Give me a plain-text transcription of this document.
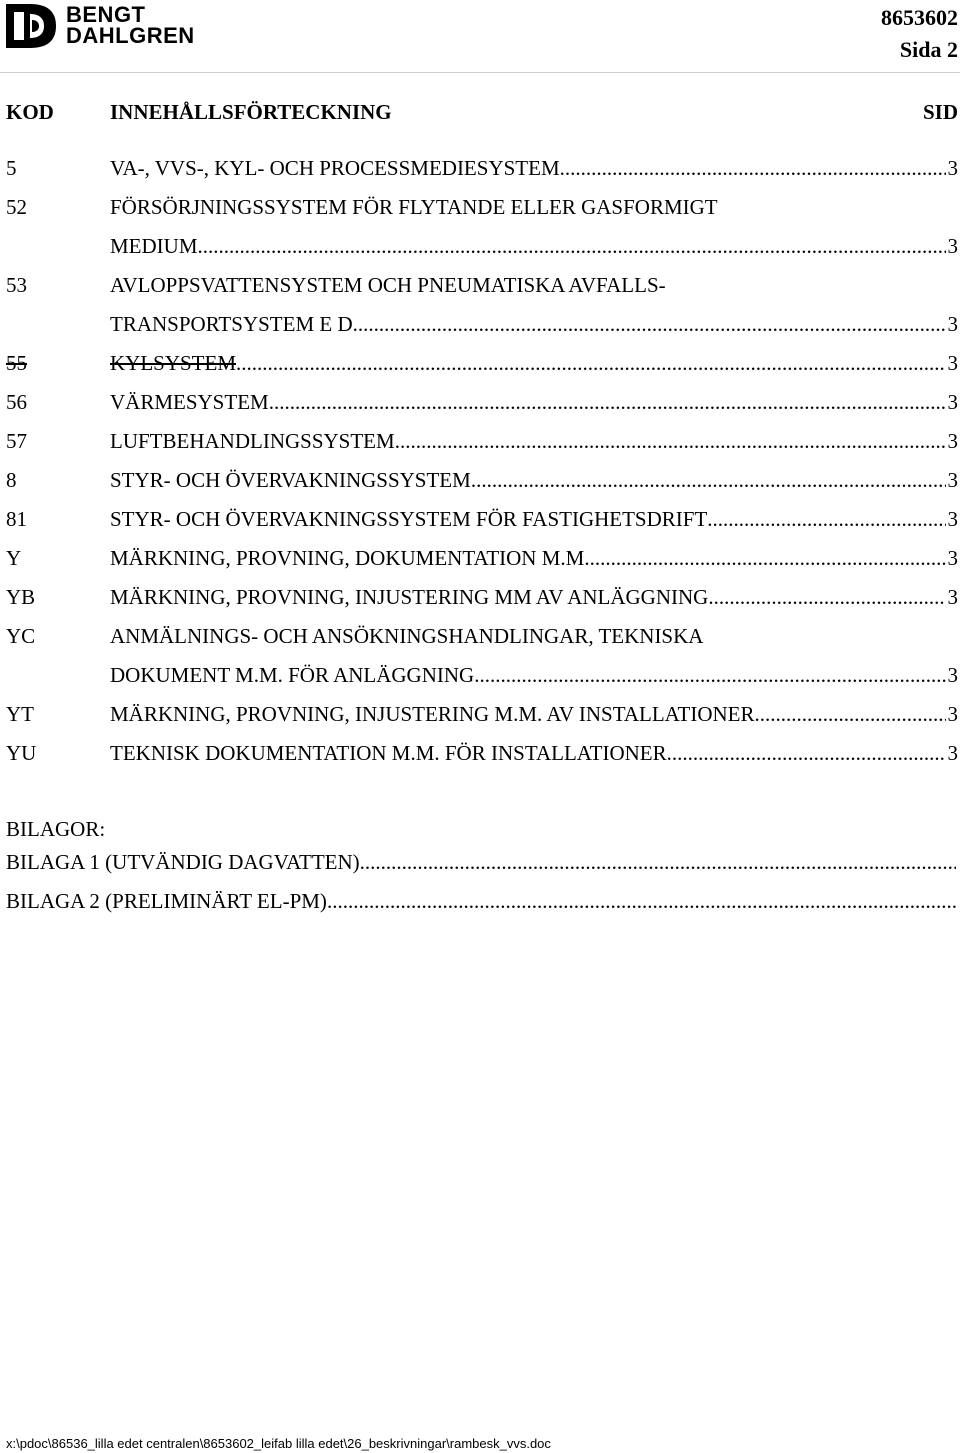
BENGT
DAHLGREN
8653602
Sida 2
KOD	INNEHÅLLSFÖRTECKNING	SID
5	VA-, VVS-, KYL- OCH PROCESSMEDIESYSTEM .....	3
52	FÖRSÖRJNINGSSYSTEM FÖR FLYTANDE ELLER GASFORMIGT
MEDIUM .....	3
53	AVLOPPSVATTENSYSTEM OCH PNEUMATISKA AVFALLS-
TRANSPORTSYSTEM E D .....	3
55	KYLSYSTEM .....	3
56	VÄRMESYSTEM .....	3
57	LUFTBEHANDLINGSSYSTEM .....	3
8	STYR- OCH ÖVERVAKNINGSSYSTEM .....	3
81	STYR- OCH ÖVERVAKNINGSSYSTEM FÖR FASTIGHETSDRIFT .....	3
Y	MÄRKNING, PROVNING, DOKUMENTATION M.M. .....	3
YB	MÄRKNING, PROVNING, INJUSTERING MM AV ANLÄGGNING .....	3
YC	ANMÄLNINGS- OCH ANSÖKNINGSHANDLINGAR, TEKNISKA
DOKUMENT M.M. FÖR ANLÄGGNING .....	3
YT	MÄRKNING, PROVNING, INJUSTERING M.M. AV INSTALLATIONER .....	3
YU	TEKNISK DOKUMENTATION M.M. FÖR INSTALLATIONER .....	3
BILAGOR:
BILAGA 1 (UTVÄNDIG DAGVATTEN)
.....
BILAGA 2 (PRELIMINÄRT EL-PM)
.....
x:\pdoc\86536_lilla edet centralen\8653602_leifab lilla edet\26_beskrivningar\rambesk_vvs.doc
